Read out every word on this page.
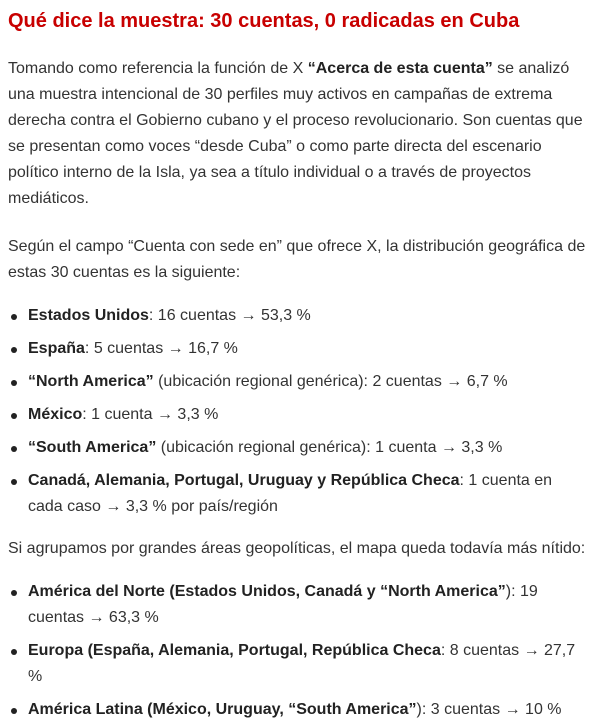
Qué dice la muestra: 30 cuentas, 0 radicadas en Cuba

Tomando como referencia la función de X “Acerca de esta cuenta” se analizó una muestra intencional de 30 perfiles muy activos en campañas de extrema derecha contra el Gobierno cubano y el proceso revolucionario. Son cuentas que se presentan como voces “desde Cuba” o como parte directa del escenario político interno de la Isla, ya sea a título individual o a través de proyectos mediáticos.

Según el campo “Cuenta con sede en” que ofrece X, la distribución geográfica de estas 30 cuentas es la siguiente:

Estados Unidos: 16 cuentas → 53,3 %
España: 5 cuentas → 16,7 %
“North America” (ubicación regional genérica): 2 cuentas → 6,7 %
México: 1 cuenta → 3,3 %
“South America” (ubicación regional genérica): 1 cuenta → 3,3 %
Canadá, Alemania, Portugal, Uruguay y República Checa: 1 cuenta en cada caso → 3,3 % por país/región

Si agrupamos por grandes áreas geopolíticas, el mapa queda todavía más nítido:

América del Norte (Estados Unidos, Canadá y “North America”): 19 cuentas → 63,3 %
Europa (España, Alemania, Portugal, República Checa: 8 cuentas → 27,7 %
América Latina (México, Uruguay, “South America”): 3 cuentas → 10 %
